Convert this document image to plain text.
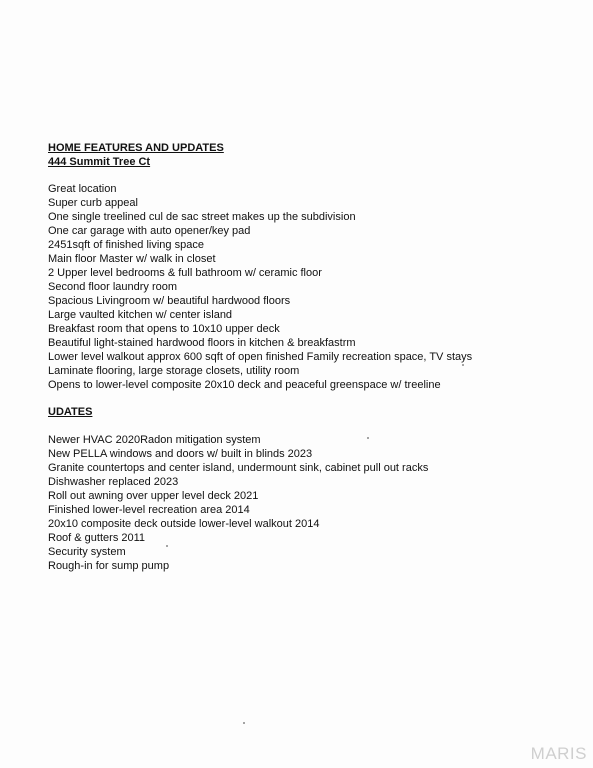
HOME FEATURES AND UPDATES
444 Summit Tree Ct
Great location
Super curb appeal
One single treelined cul de sac street makes up the subdivision
One car garage with auto opener/key pad
2451sqft of finished living space
Main floor Master w/ walk in closet
2 Upper level bedrooms & full bathroom w/ ceramic floor
Second floor laundry room
Spacious Livingroom w/ beautiful hardwood floors
Large vaulted kitchen w/ center island
Breakfast room that opens to 10x10 upper deck
Beautiful light-stained hardwood floors in kitchen & breakfastrm
Lower level walkout approx 600 sqft of open finished Family recreation space, TV stays
Laminate flooring, large storage closets, utility room
Opens to lower-level composite 20x10 deck and peaceful greenspace w/ treeline
UDATES
Newer HVAC 2020Radon mitigation system
New PELLA windows and doors w/ built in blinds 2023
Granite countertops and center island, undermount sink, cabinet pull out racks
Dishwasher replaced 2023
Roll out awning over upper level deck 2021
Finished lower-level recreation area 2014
20x10 composite deck outside lower-level walkout 2014
Roof & gutters 2011
Security system
Rough-in for sump pump
MARIS
